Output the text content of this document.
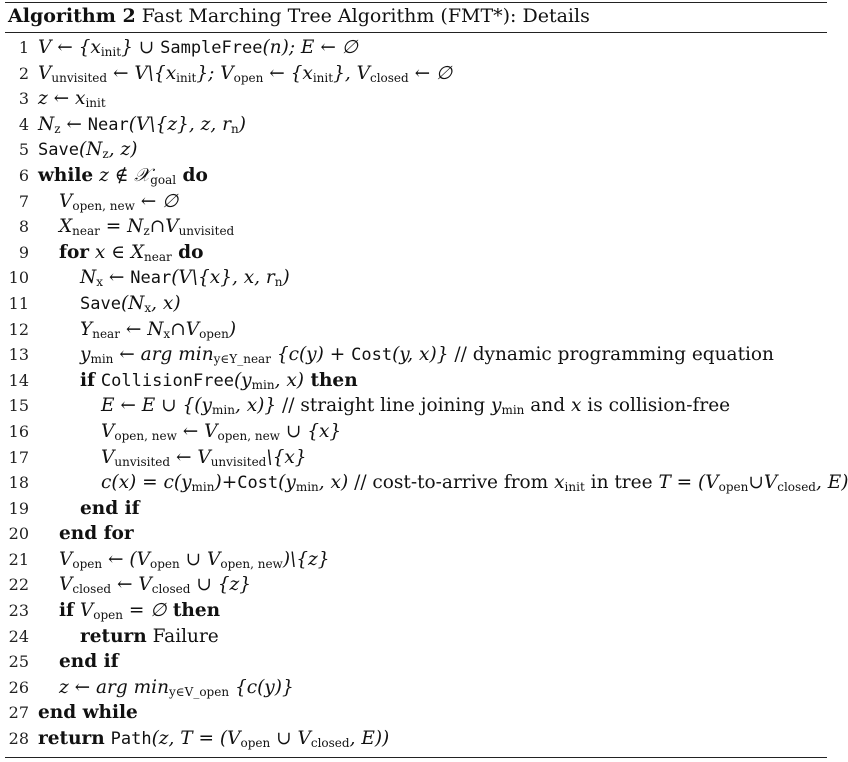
Algorithm 2 Fast Marching Tree Algorithm (FMT*): Details
1 V ← $\{x_{init}\}$ ∪ SampleFree(n); E ← ∅
2 $V_{unvisited}$ ← $V\backslash\{x_{init}\}$; $V_{open}$ ← $\{x_{init}\}$, $V_{closed}$ ← ∅
3 z ← $x_{init}$
4 $N_z$ ← Near(V\{z}, z, $r_n$)
5 $Save(N_z$, z)
6 while z ∉ 𝒳$_{goal}$ do
7 $V_{open, new}$ ← ∅
8 $X_{near}$ = $N_z\cap V_{unvisited}$
9 for x ∈ $X_{near}$ do
10	$N_x$ ← Near(V\{x}, x, $r_n$)
11	$Save(N_x$, x)
12	$Y_{near}$ ← $N_x\cap V_{open}$)
13	$y_{min}$ ← arg $\min_{y\in Y\_near} \{c(y)$ + Cost(y, x)} // dynamic programming equation
14	if $CollisionFree(y_{min}$, x) then
15	E ← E ∪ {($y_{min}$, x)} // straight line joining $y_{min}$ and x is collision-free
16	$V_{open, new}$ ← $V_{open, new}$ ∪ {x}
17	$V_{unvisited}$ ← $V_{unvisited}\backslash\{x\}$
18	$c(x) = c(y_{min})+Cost(y_{min}$, x) // cost-to-arrive from $x_{init}$ in tree $T = (V_{open}\cup V_{closed}$, E)
19	end if
20 end for
21 $V_{open}$ ← ($V_{open}$ ∪ $V_{open, new})\backslash\{z\}$
22 $V_{closed}$ ← $V_{closed}$ ∪ {z}
23 if $V_{open}$ = ∅ then
24	return Failure
25 end if
26 z ← arg $\min_{y\in V\_open} \{c(y)\}$
27 end while
28 return Path(z, $T = (V_{open}$ ∪ $V_{closed}$, E))
